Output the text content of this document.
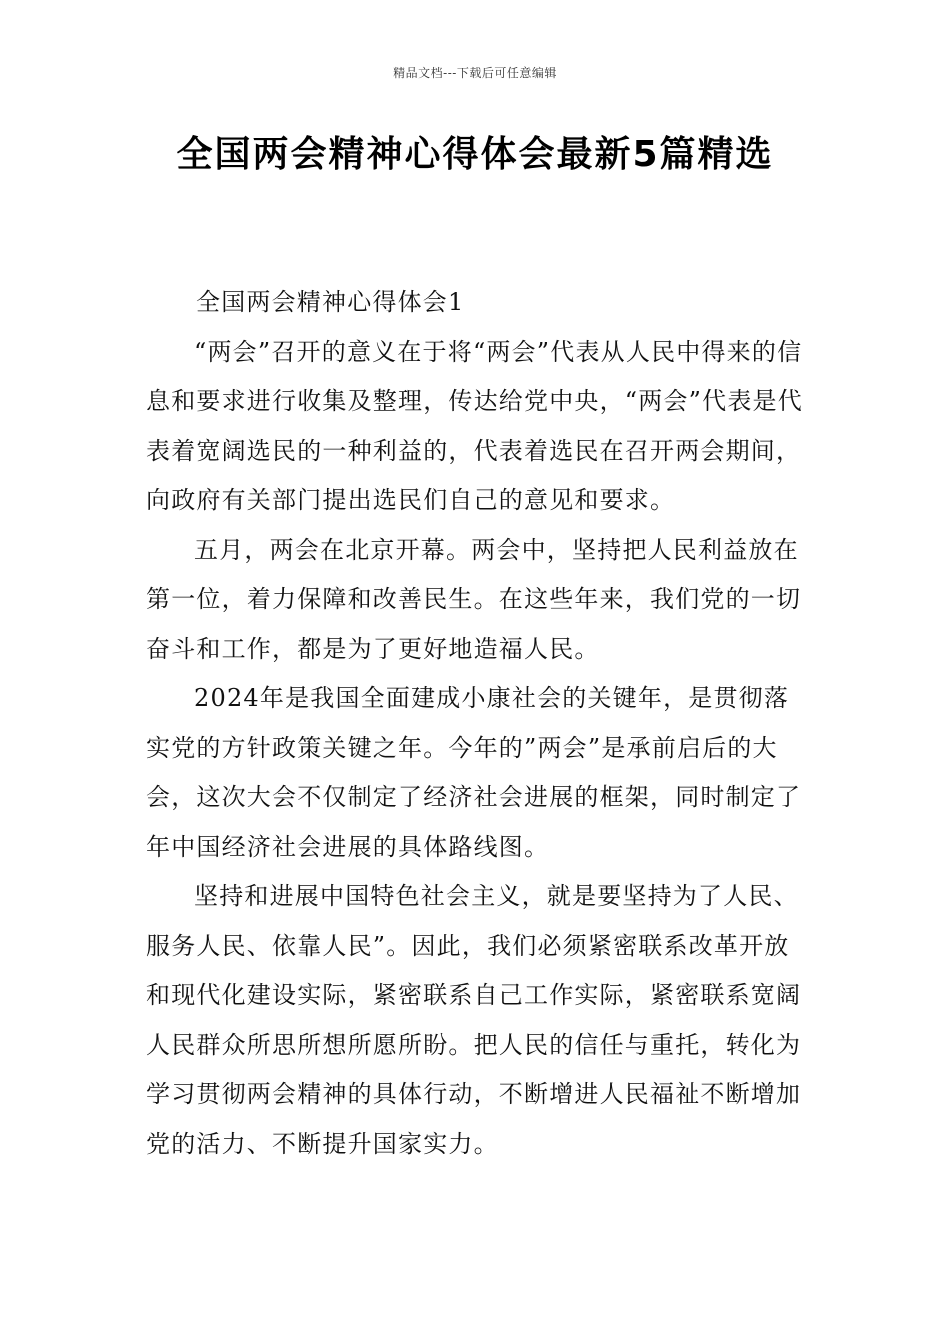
精品文档---下载后可任意编辑
全国两会精神心得体会最新5篇精选
全国两会精神心得体会1

“两会”召开的意义在于将“两会”代表从人民中得来的信息和要求进行收集及整理，传达给党中央，“两会”代表是代表着宽阔选民的一种利益的，代表着选民在召开两会期间，向政府有关部门提出选民们自己的意见和要求。

五月，两会在北京开幕。两会中，坚持把人民利益放在第一位，着力保障和改善民生。在这些年来，我们党的一切奋斗和工作，都是为了更好地造福人民。

2024年是我国全面建成小康社会的关键年，是贯彻落实党的方针政策关键之年。今年的”两会”是承前启后的大会，这次大会不仅制定了经济社会进展的框架，同时制定了年中国经济社会进展的具体路线图。

坚持和进展中国特色社会主义，就是要坚持为了人民、服务人民、依靠人民”。因此，我们必须紧密联系改革开放和现代化建设实际，紧密联系自己工作实际，紧密联系宽阔人民群众所思所想所愿所盼。把人民的信任与重托，转化为学习贯彻两会精神的具体行动，不断增进人民福祉不断增加党的活力、不断提升国家实力。
